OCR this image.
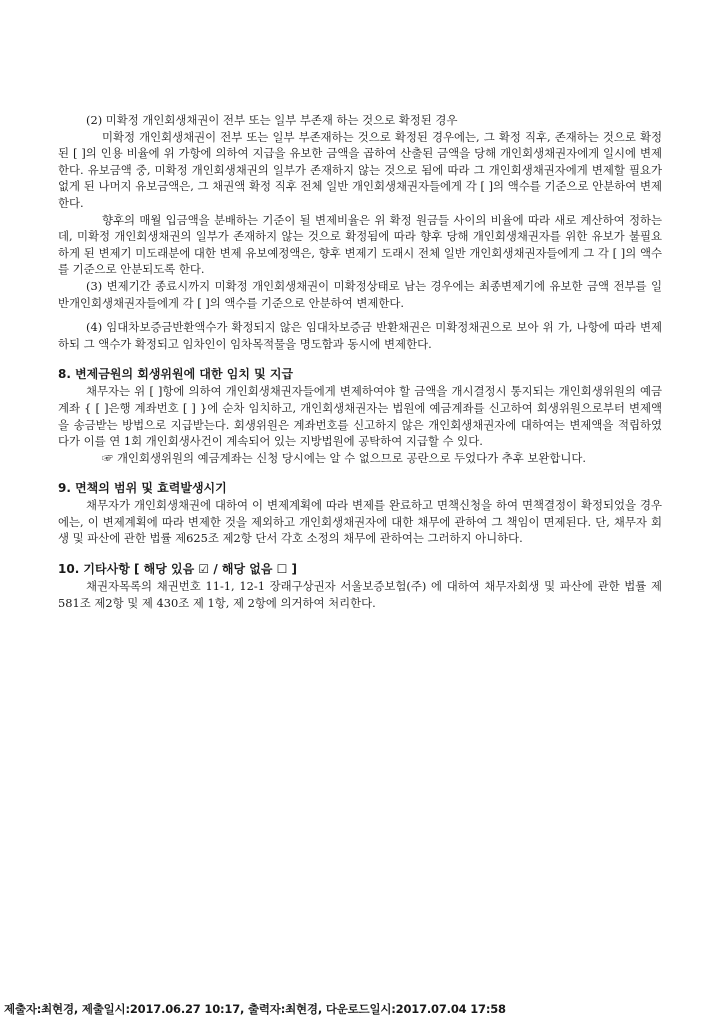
(2) 미확정 개인회생채권이 전부 또는 일부 부존재 하는 것으로 확정된 경우

미확정 개인회생채권이 전부 또는 일부 부존재하는 것으로 확정된 경우에는, 그 확정 직후, 존재하는 것으로 확정된 [ ]의 인용 비율에 위 가항에 의하여 지급을 유보한 금액을 곱하여 산출된 금액을 당해 개인회생채권자에게 일시에 변제한다. 유보금액 중, 미확정 개인회생채권의 일부가 존재하지 않는 것으로 됨에 따라 그 개인회생채권자에게 변제할 필요가 없게 된 나머지 유보금액은, 그 채권액 확정 직후 전체 일반 개인회생채권자들에게 각 [ ]의 액수를 기준으로 안분하여 변제한다.

향후의 매월 입금액을 분배하는 기준이 될 변제비율은 위 확정 원금들 사이의 비율에 따라 새로 계산하여 정하는데, 미확정 개인회생채권의 일부가 존재하지 않는 것으로 확정됨에 따라 향후 당해 개인회생채권자를 위한 유보가 불필요하게 된 변제기 미도래분에 대한 변제 유보예정액은, 향후 변제기 도래시 전체 일반 개인회생채권자들에게 그 각 [ ]의 액수를 기준으로 안분되도록 한다.

(3) 변제기간 종료시까지 미확정 개인회생채권이 미확정상태로 남는 경우에는 최종변제기에 유보한 금액 전부를 일반개인회생채권자들에게 각 [ ]의 액수를 기준으로 안분하여 변제한다.

(4) 임대차보증금반환액수가 확정되지 않은 임대차보증금 반환채권은 미확정채권으로 보아 위 가, 나항에 따라 변제하되 그 액수가 확정되고 임차인이 임차목적물을 명도함과 동시에 변제한다.

8. 변제금원의 회생위원에 대한 임치 및 지급

채무자는 위 [ ]항에 의하여 개인회생채권자들에게 변제하여야 할 금액을 개시결정시 통지되는 개인회생위원의 예금계좌 { [ ]은행 계좌번호 [ ] }에 순차 임치하고, 개인회생채권자는 법원에 예금계좌를 신고하여 회생위원으로부터 변제액을 송금받는 방법으로 지급받는다. 회생위원은 계좌번호를 신고하지 않은 개인회생채권자에 대하여는 변제액을 적립하였다가 이를 연 1회 개인회생사건이 계속되어 있는 지방법원에 공탁하여 지급할 수 있다.

☞ 개인회생위원의 예금계좌는 신청 당시에는 알 수 없으므로 공란으로 두었다가 추후 보완합니다.

9. 면책의 범위 및 효력발생시기

채무자가 개인회생채권에 대하여 이 변제계획에 따라 변제를 완료하고 면책신청을 하여 면책결정이 확정되었을 경우에는, 이 변제계획에 따라 변제한 것을 제외하고 개인회생채권자에 대한 채무에 관하여 그 책임이 면제된다. 단, 채무자 회생 및 파산에 관한 법률 제625조 제2항 단서 각호 소정의 채무에 관하여는 그러하지 아니하다.

10. 기타사항 [ 해당 있음 ☑ / 해당 없음 ☐ ]

채권자목록의 채권번호 11-1, 12-1 장래구상권자 서울보증보험(주) 에 대하여 채무자회생 및 파산에 관한 법률 제 581조 제2항 및 제 430조 제 1항, 제 2항에 의거하여 처리한다.

제출자:최현경, 제출일시:2017.06.27 10:17, 출력자:최현경, 다운로드일시:2017.07.04 17:58
